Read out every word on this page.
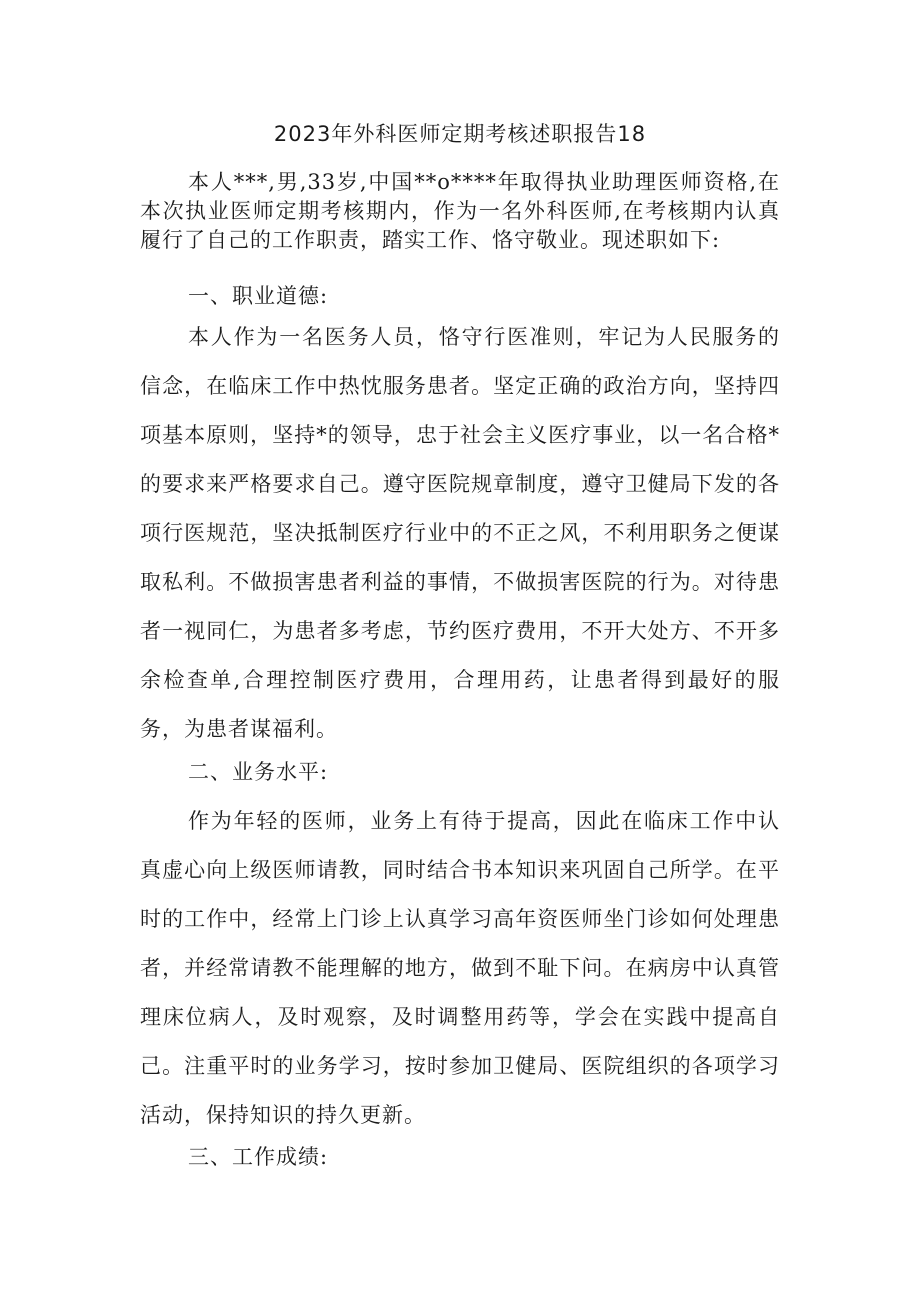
2023年外科医师定期考核述职报告18

本人***,男,33岁,中国**o****年取得执业助理医师资格,在本次执业医师定期考核期内，作为一名外科医师,在考核期内认真履行了自己的工作职责，踏实工作、恪守敬业。现述职如下:

一、职业道德:

本人作为一名医务人员，恪守行医准则，牢记为人民服务的信念，在临床工作中热忱服务患者。坚定正确的政治方向，坚持四项基本原则，坚持*的领导，忠于社会主义医疗事业，以一名合格*的要求来严格要求自己。遵守医院规章制度，遵守卫健局下发的各项行医规范，坚决抵制医疗行业中的不正之风，不利用职务之便谋取私利。不做损害患者利益的事情，不做损害医院的行为。对待患者一视同仁，为患者多考虑，节约医疗费用，不开大处方、不开多余检查单,合理控制医疗费用，合理用药，让患者得到最好的服务，为患者谋福利。

二、业务水平:

作为年轻的医师，业务上有待于提高，因此在临床工作中认真虚心向上级医师请教，同时结合书本知识来巩固自己所学。在平时的工作中，经常上门诊上认真学习高年资医师坐门诊如何处理患者，并经常请教不能理解的地方，做到不耻下问。在病房中认真管理床位病人，及时观察，及时调整用药等，学会在实践中提高自己。注重平时的业务学习，按时参加卫健局、医院组织的各项学习活动，保持知识的持久更新。

三、工作成绩:
